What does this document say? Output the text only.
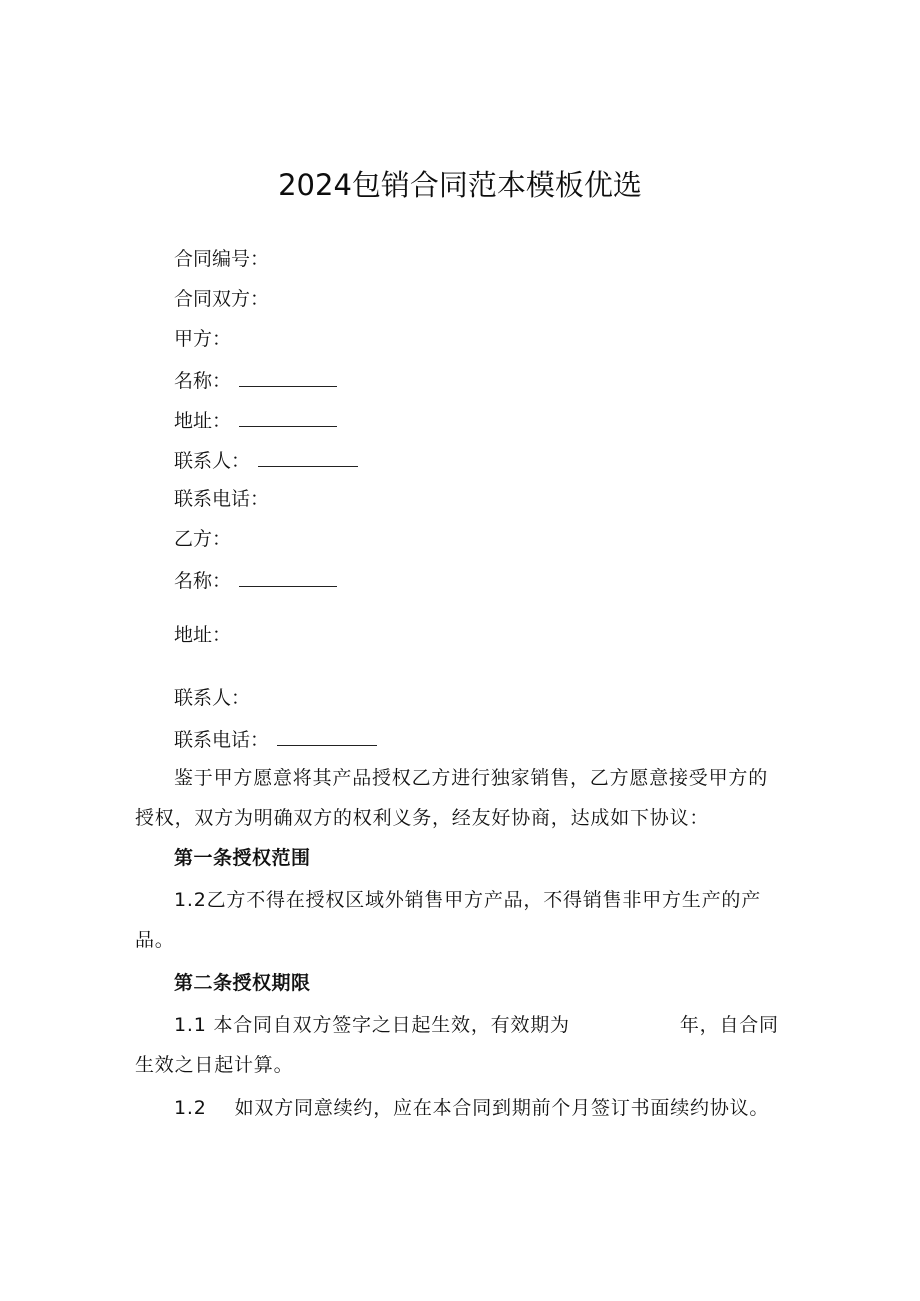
2024包销合同范本模板优选
合同编号：
合同双方：
甲方：
名称：
地址：
联系人：
联系电话：
乙方：
名称：
地址：
联系人：
联系电话：
鉴于甲方愿意将其产品授权乙方进行独家销售，乙方愿意接受甲方的授权，双方为明确双方的权利义务，经友好协商，达成如下协议：
第一条授权范围
1.2乙方不得在授权区域外销售甲方产品，不得销售非甲方生产的产品。
第二条授权期限
1.1 本合同自双方签字之日起生效，有效期为	年，自合同生效之日起计算。
1.2 如双方同意续约，应在本合同到期前个月签订书面续约协议。
